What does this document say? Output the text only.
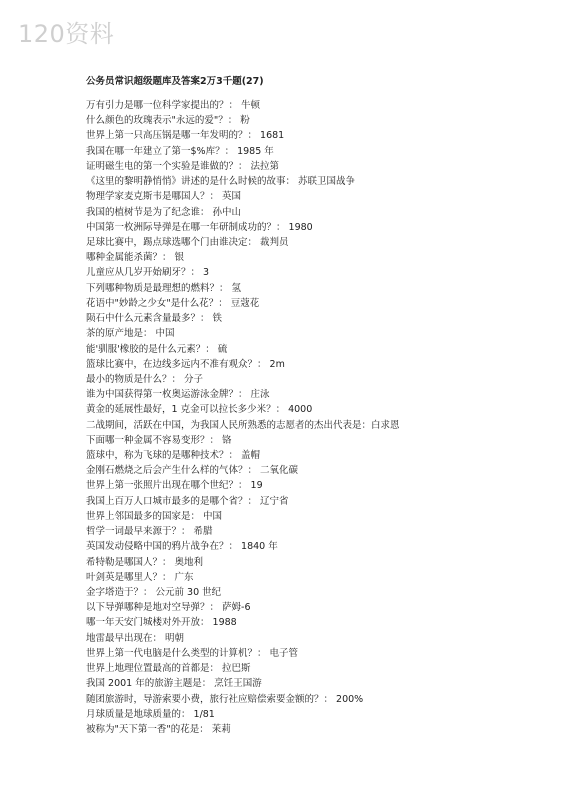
120资料
公务员常识超级题库及答案2万3千题(27)
万有引力是哪一位科学家提出的？： 牛顿
什么颜色的玫瑰表示"永远的爱"？： 粉
世界上第一只高压锅是哪一年发明的？： 1681
我国在哪一年建立了第一$%库？： 1985 年
证明磁生电的第一个实验是谁做的？： 法拉第
《这里的黎明静悄悄》讲述的是什么时候的故事： 苏联卫国战争
物理学家麦克斯韦是哪国人？： 英国
我国的植树节是为了纪念谁： 孙中山
中国第一枚洲际导弹是在哪一年研制成功的？： 1980
足球比赛中，踢点球选哪个门由谁决定： 裁判员
哪种金属能杀菌？： 银
儿童应从几岁开始刷牙？： 3
下列哪种物质是最理想的燃料？： 氢
花语中"妙龄之少女"是什么花？： 豆蔻花
陨石中什么元素含量最多？： 铁
茶的原产地是： 中国
能'驯服'橡胶的是什么元素？： 硫
篮球比赛中，在边线多远内不准有观众？： 2m
最小的物质是什么？： 分子
谁为中国获得第一枚奥运游泳金牌？： 庄泳
黄金的延展性最好，1 克金可以拉长多少米？： 4000
二战期间，活跃在中国，为我国人民所熟悉的志愿者的杰出代表是：白求恩
下面哪一种金属不容易变形？： 铬
篮球中，称为飞球的是哪种技术？： 盖帽
金刚石燃烧之后会产生什么样的气体？： 二氧化碳
世界上第一张照片出现在哪个世纪？： 19
我国上百万人口城市最多的是哪个省？： 辽宁省
世界上邻国最多的国家是： 中国
哲学一词最早来源于？： 希腊
英国发动侵略中国的鸦片战争在？： 1840 年
希特勒是哪国人？： 奥地利
叶剑英是哪里人？： 广东
金字塔造于？： 公元前 30 世纪
以下导弹哪种是地对空导弹？： 萨姆-6
哪一年天安门城楼对外开放： 1988
地雷最早出现在： 明朝
世界上第一代电脑是什么类型的计算机？： 电子管
世界上地理位置最高的首都是： 拉巴斯
我国 2001 年的旅游主题是： 烹饪王国游
随团旅游时，导游索要小费，旅行社应赔偿索要金额的？： 200%
月球质量是地球质量的： 1/81
被称为"天下第一香"的花是： 茉莉
